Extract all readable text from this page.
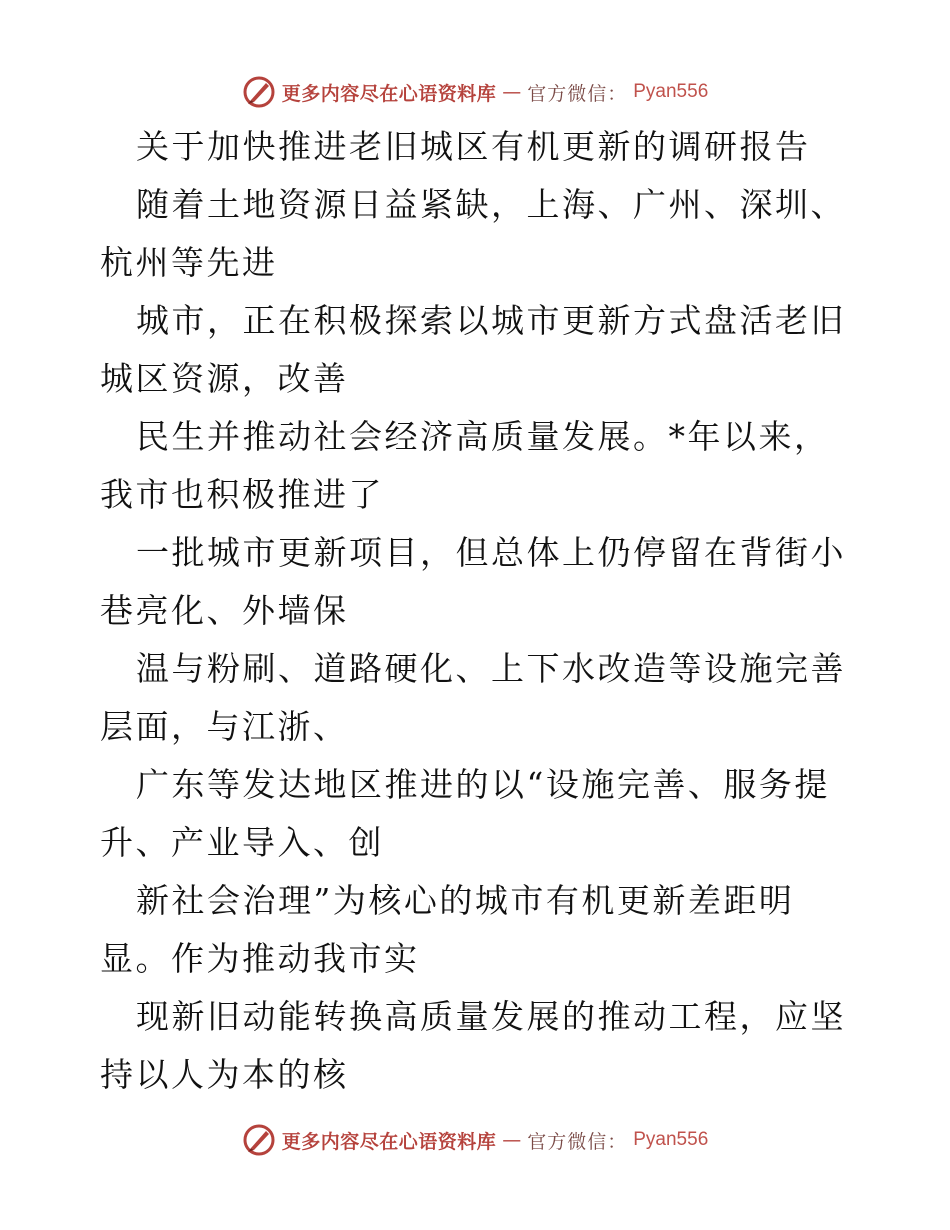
更多内容尽在心语资料库 — 官方微信： Pyan556

关于加快推进老旧城区有机更新的调研报告

随着土地资源日益紧缺，上海、广州、深圳、杭州等先进

城市，正在积极探索以城市更新方式盘活老旧城区资源，改善

民生并推动社会经济高质量发展。*年以来，我市也积极推进了

一批城市更新项目，但总体上仍停留在背街小巷亮化、外墙保

温与粉刷、道路硬化、上下水改造等设施完善层面，与江浙、

广东等发达地区推进的以“设施完善、服务提升、产业导入、创

新社会治理”为核心的城市有机更新差距明显。作为推动我市实

现新旧动能转换高质量发展的推动工程，应坚持以人为本的核

更多内容尽在心语资料库 — 官方微信： Pyan556
